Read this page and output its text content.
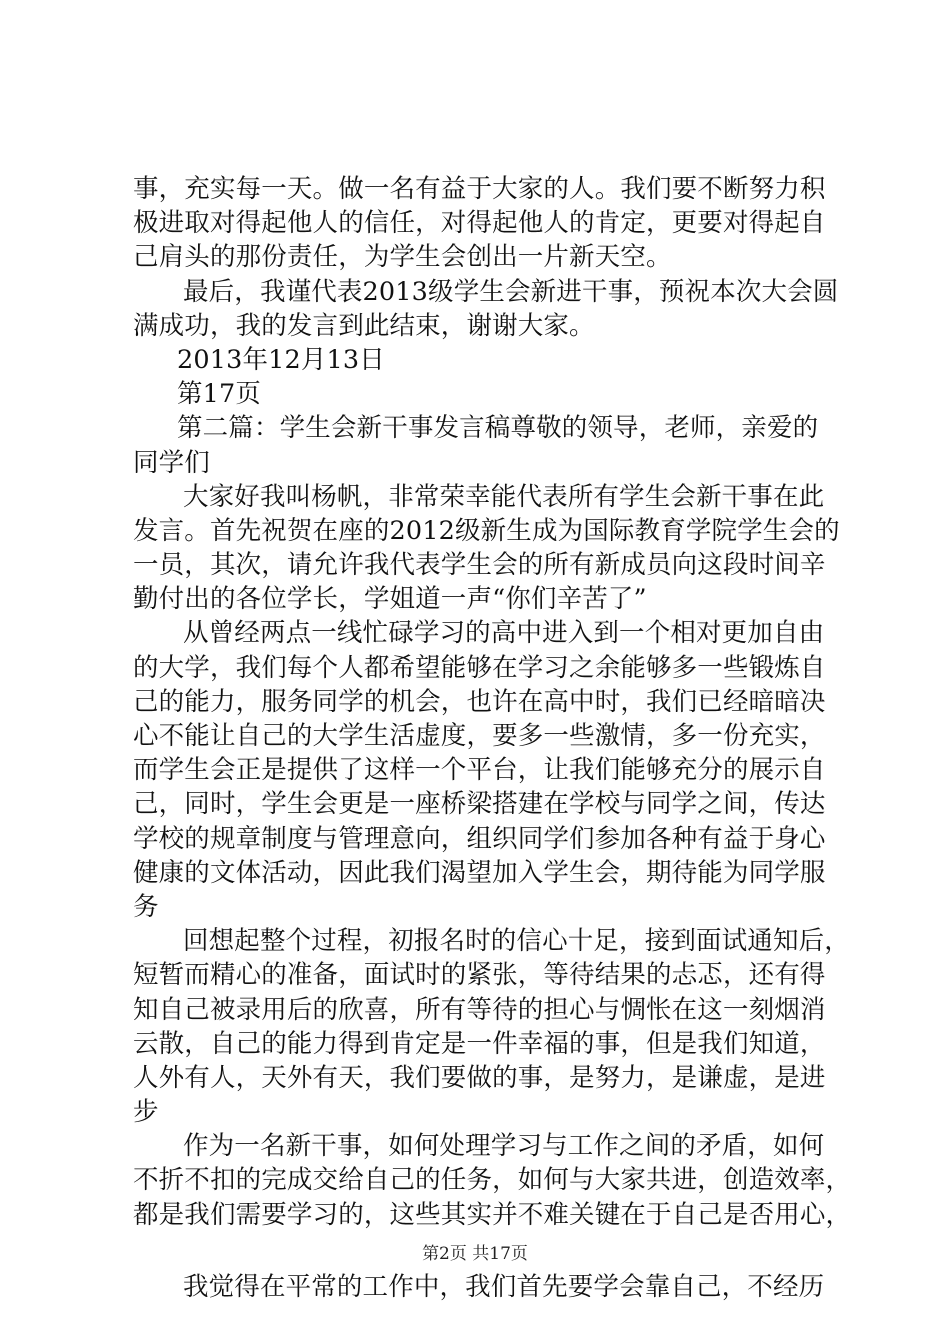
事，充实每一天。做一名有益于大家的人。我们要不断努力积
极进取对得起他人的信任，对得起他人的肯定，更要对得起自
己肩头的那份责任，为学生会创出一片新天空。
最后，我谨代表2013级学生会新进干事，预祝本次大会圆
满成功，我的发言到此结束，谢谢大家。
2013年12月13日
第17页
第二篇：学生会新干事发言稿尊敬的领导，老师，亲爱的
同学们
大家好我叫杨帆，非常荣幸能代表所有学生会新干事在此
发言。首先祝贺在座的2012级新生成为国际教育学院学生会的
一员，其次，请允许我代表学生会的所有新成员向这段时间辛
勤付出的各位学长，学姐道一声“你们辛苦了”
从曾经两点一线忙碌学习的高中进入到一个相对更加自由
的大学，我们每个人都希望能够在学习之余能够多一些锻炼自
己的能力，服务同学的机会，也许在高中时，我们已经暗暗决
心不能让自己的大学生活虚度，要多一些激情，多一份充实，
而学生会正是提供了这样一个平台，让我们能够充分的展示自
己，同时，学生会更是一座桥梁搭建在学校与同学之间，传达
学校的规章制度与管理意向，组织同学们参加各种有益于身心
健康的文体活动，因此我们渴望加入学生会，期待能为同学服
务
回想起整个过程，初报名时的信心十足，接到面试通知后，
短暂而精心的准备，面试时的紧张，等待结果的忐忑，还有得
知自己被录用后的欣喜，所有等待的担心与惆怅在这一刻烟消
云散，自己的能力得到肯定是一件幸福的事，但是我们知道，
人外有人，天外有天，我们要做的事，是努力，是谦虚，是进
步
作为一名新干事，如何处理学习与工作之间的矛盾，如何
不折不扣的完成交给自己的任务，如何与大家共进，创造效率，
都是我们需要学习的，这些其实并不难关键在于自己是否用心，
我觉得在平常的工作中，我们首先要学会靠自己，不经历
第2页 共17页
